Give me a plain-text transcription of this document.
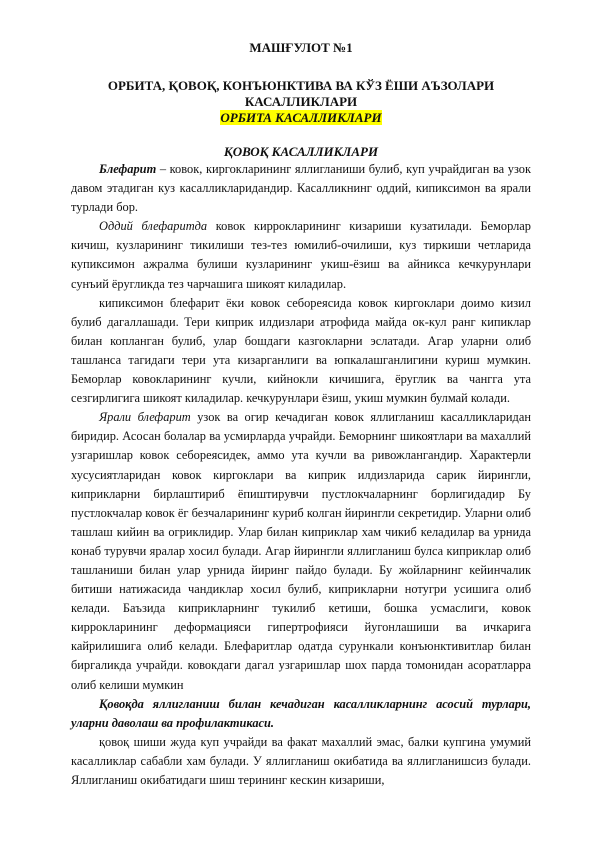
МАШҒУЛОТ №1

ОРБИТА, ҚОВОҚ, КОНЪЮНКТИВА ВА КЎЗ ЁШИ АЪЗОЛАРИ

КАСАЛЛИКЛАРИ

ОРБИТА КАСАЛЛИКЛАРИ

ҚОВОҚ КАСАЛЛИКЛАРИ

Блефарит – ковок, киргокларининг яллигланиши булиб, куп учрайдиган ва узок давом этадиган куз касалликларидандир. Касалликнинг оддий, кипиксимон ва ярали турлади бор.

Оддий блефаритда ковок киррокларининг кизариши кузатилади. Беморлар кичиш, кузларининг тикилиши тез-тез юмилиб-очилиши, куз тиркиши четларида купиксимон ажралма булиши кузларининг укиш-ёзиш ва айникса кечкурунлари сунъий ёругликда тез чарчашига шикоят киладилар.

кипиксимон блефарит ёки ковок себореясида ковок киргоклари доимо кизил булиб дагаллашади. Тери киприк илдизлари атрофида майда ок-кул ранг кипиклар билан копланган булиб, улар бошдаги казгокларни эслатади. Агар уларни олиб ташланса тагидаги тери ута кизарганлиги ва юпкалашганлигини куриш мумкин. Беморлар ковокларининг кучли, кийнокли кичишига, ёруглик ва чангга ута сезгирлигига шикоят киладилар. кечкурунлари ёзиш, укиш мумкин булмай колади.

Ярали блефарит узок ва огир кечадиган ковок яллигланиш касалликларидан биридир. Асосан болалар ва усмирларда учрайди. Беморнинг шикоятлари ва махаллий узгаришлар ковок себореясидек, аммо ута кучли ва ривожлангандир. Характерли хусусиятларидан ковок киргоклари ва киприк илдизларида сарик йирингли, киприкларни бирлаштириб ёпиштирувчи пустлокчаларнинг борлигидадир Бу пустлокчалар ковок ёг безчаларининг куриб колган йирингли секретидир. Уларни олиб ташлаш кийин ва огриклидир. Улар билан киприклар хам чикиб келадилар ва урнида конаб турувчи яралар хосил булади. Агар йирингли яллигланиш булса киприклар олиб ташланиши билан улар урнида йиринг пайдо булади. Бу жойларнинг кейинчалик битиши натижасида чандиклар хосил булиб, киприкларни нотугри усишига олиб келади. Баъзида киприкларнинг тукилиб кетиши, бошка усмаслиги, ковок киррокларининг деформацияси гипертрофияси йугонлашиши ва ичкарига кайрилишига олиб келади. Блефаритлар одатда сурункали конъюнктивитлар билан биргаликда учрайди. ковокдаги дагал узгаришлар шох парда томонидан асоратларра олиб келиши мумкин

Қовоқда яллигланиш билан кечадиган касалликларнинг асосий турлари, уларни даволаш ва профилактикаси.

қовоқ шиши жуда куп учрайди ва факат махаллий эмас, балки купгина умумий касалликлар сабабли хам булади. У яллигланиш окибатида ва яллигланишсиз булади. Яллигланиш окибатидаги шиш терининг кескин кизариши,
